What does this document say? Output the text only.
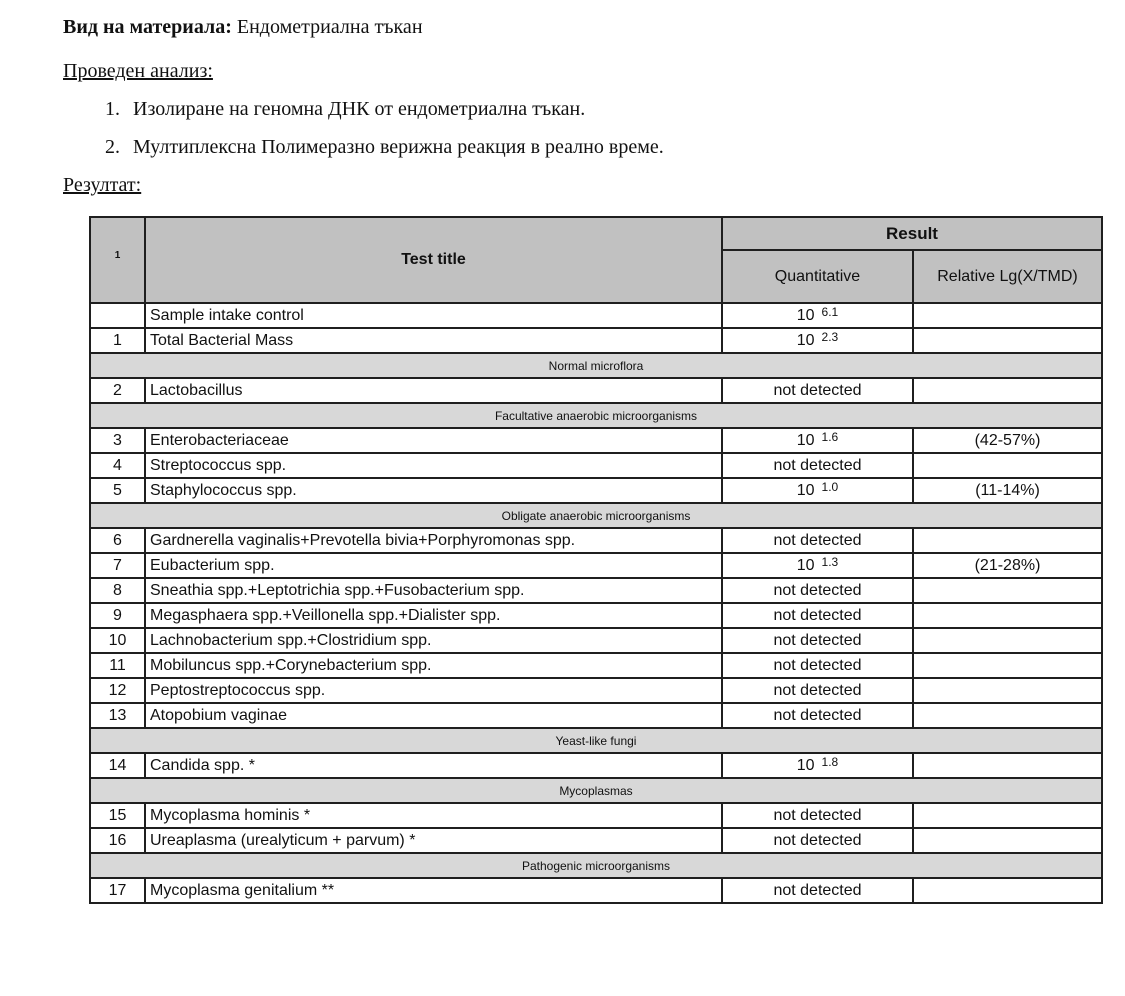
Вид на материала: Ендометриална тъкан
Проведен анализ:
1. Изолиране на геномна ДНК от ендометриална тъкан.
2. Мултиплексна Полимеразно верижна реакция в реално време.
Резултат:
$^1$	Test title	Result	
		Quantitative	Relative Lg(X/TMD)
	Sample intake control	10 $^{6.1}$	
1	Total Bacterial Mass	10 $^{2.3}$	
Normal microflora			
2	Lactobacillus	not detected	
Facultative anaerobic microorganisms			
3	Enterobacteriaceae	10 $^{1.6}$	(42-57%)
4	Streptococcus spp.	not detected	
5	Staphylococcus spp.	10 $^{1.0}$	(11-14%)
Obligate anaerobic microorganisms			
6	Gardnerella vaginalis+Prevotella bivia+Porphyromonas spp.	not detected	
7	Eubacterium spp.	10 $^{1.3}$	(21-28%)
8	Sneathia spp.+Leptotrichia spp.+Fusobacterium spp.	not detected	
9	Megasphaera spp.+Veillonella spp.+Dialister spp.	not detected	
10	Lachnobacterium spp.+Clostridium spp.	not detected	
11	Mobiluncus spp.+Corynebacterium spp.	not detected	
12	Peptostreptococcus spp.	not detected	
13	Atopobium vaginae	not detected	
Yeast-like fungi			
14	Candida spp. *	10 $^{1.8}$	
Mycoplasmas			
15	Mycoplasma hominis *	not detected	
16	Ureaplasma (urealyticum + parvum) *	not detected	
Pathogenic microorganisms			
17	Mycoplasma genitalium **	not detected	
